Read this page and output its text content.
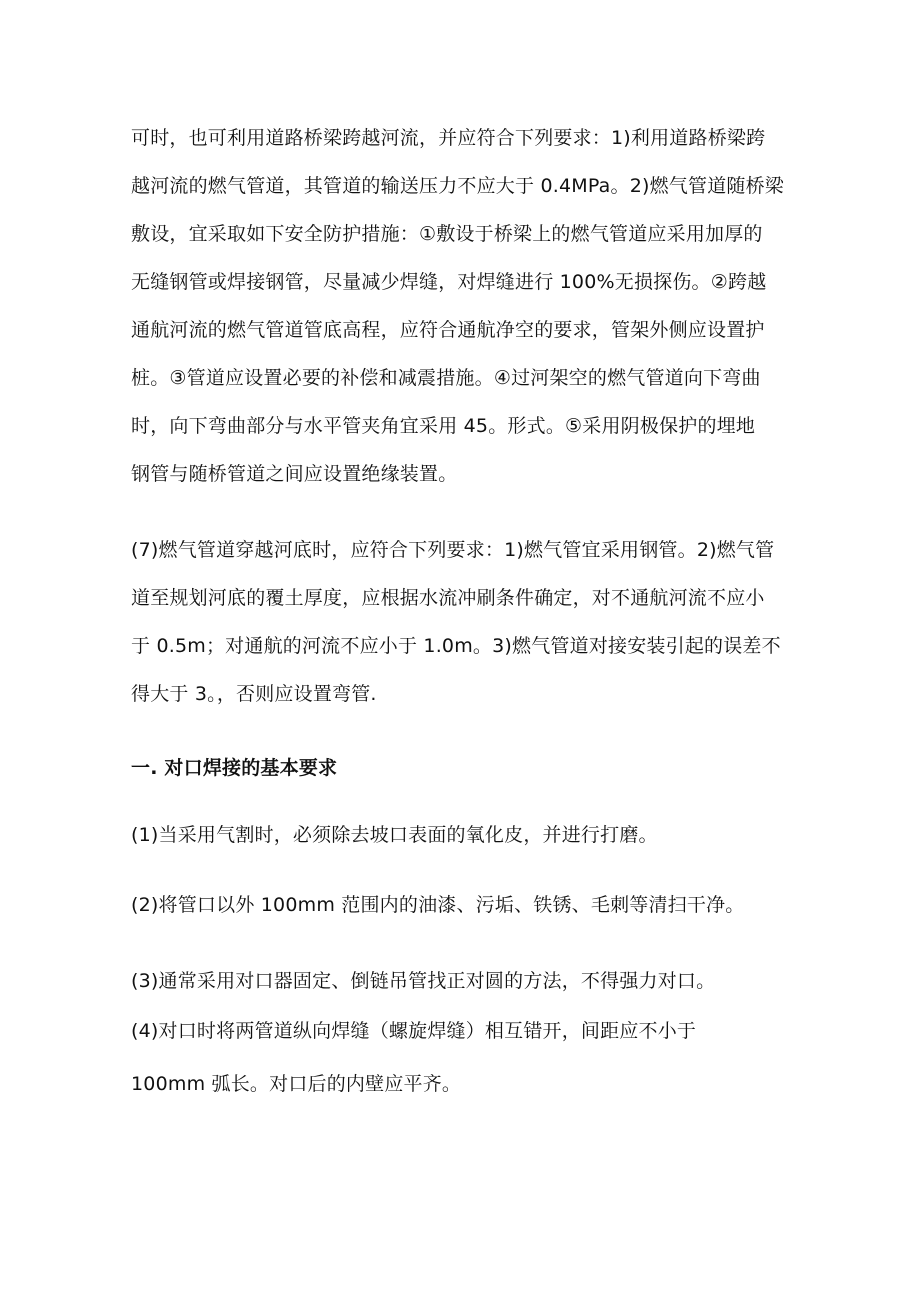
可时，也可利用道路桥梁跨越河流，并应符合下列要求：1)利用道路桥梁跨
越河流的燃气管道，其管道的输送压力不应大于 0.4MPa。2)燃气管道随桥梁
敷设，宜采取如下安全防护措施：①敷设于桥梁上的燃气管道应采用加厚的
无缝钢管或焊接钢管，尽量减少焊缝，对焊缝进行 100%无损探伤。②跨越
通航河流的燃气管道管底高程，应符合通航净空的要求，管架外侧应设置护
桩。③管道应设置必要的补偿和减震措施。④过河架空的燃气管道向下弯曲
时，向下弯曲部分与水平管夹角宜采用 45。形式。⑤采用阴极保护的埋地
钢管与随桥管道之间应设置绝缘装置。
(7)燃气管道穿越河底时，应符合下列要求：1)燃气管宜采用钢管。2)燃气管
道至规划河底的覆土厚度，应根据水流冲刷条件确定，对不通航河流不应小
于 0.5m；对通航的河流不应小于 1.0m。3)燃气管道对接安装引起的误差不
得大于 3。，否则应设置弯管.
一. 对口焊接的基本要求
(1)当采用气割时，必须除去坡口表面的氧化皮，并进行打磨。
(2)将管口以外 100mm 范围内的油漆、污垢、铁锈、毛刺等清扫干净。
(3)通常采用对口器固定、倒链吊管找正对圆的方法，不得强力对口。
(4)对口时将两管道纵向焊缝（螺旋焊缝）相互错开，间距应不小于
100mm 弧长。对口后的内壁应平齐。
